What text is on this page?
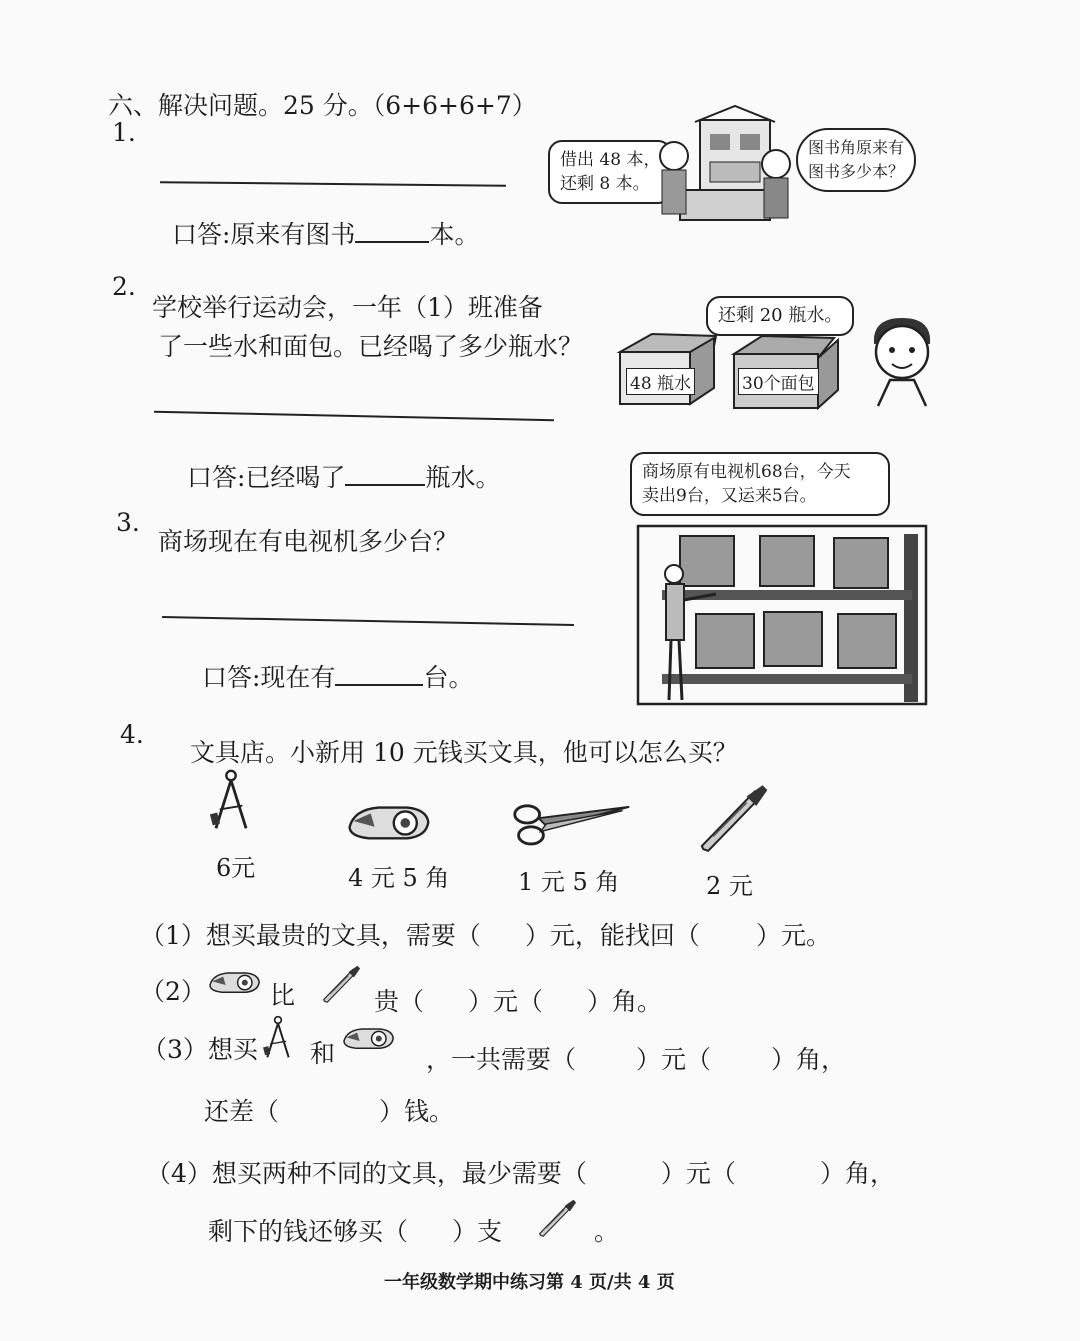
六、解决问题。25 分。（6+6+6+7）
1.
口答:原来有图书	本。
借出 48 本，
还剩 8 本。
图书角原来有
图书多少本？
2.
学校举行运动会，一年（1）班准备
了一些水和面包。已经喝了多少瓶水？
口答:已经喝了	瓶水。
还剩 20 瓶水。
48 瓶水	30个面包
商场原有电视机68台，今天
卖出9台，又运来5台。
3.
商场现在有电视机多少台？
口答:现在有	台。
4.
文具店。小新用 10 元钱买文具，他可以怎么买？
6元	4 元 5 角	1 元 5 角	2 元
（1）想买最贵的文具，需要（ ）元，能找回（ ）元。
（2）	比	贵（ ）元（ ）角。
（3）想买 和	，一共需要（ ）元（ ）角，
还差（	）钱。
（4）想买两种不同的文具，最少需要（	）元（	）角，
剩下的钱还够买（ ）支	。
一年级数学期中练习第 4 页/共 4 页
